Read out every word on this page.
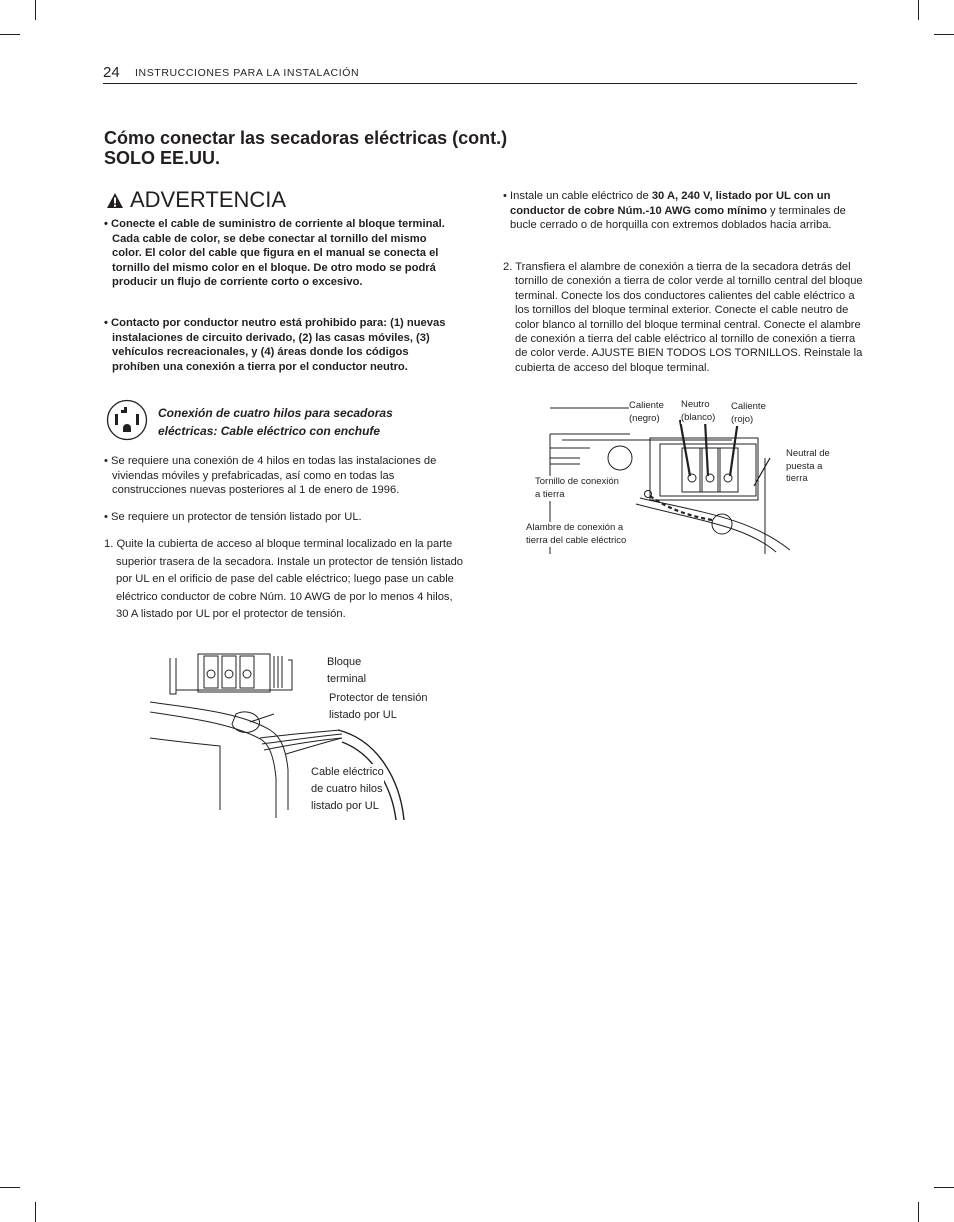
24 INSTRUCCIONES PARA LA INSTALACIÓN
Cómo conectar las secadoras eléctricas (cont.)
SOLO EE.UU.
ADVERTENCIA
• Conecte el cable de suministro de corriente al bloque terminal. Cada cable de color, se debe conectar al tornillo del mismo color. El color del cable que figura en el manual se conecta el tornillo del mismo color en el bloque. De otro modo se podrá producir un flujo de corriente corto o excesivo.
• Contacto por conductor neutro está prohibido para: (1) nuevas instalaciones de circuito derivado, (2) las casas móviles, (3) vehículos recreacionales, y (4) áreas donde los códigos prohíben una conexión a tierra por el conductor neutro.
Conexión de cuatro hilos para secadoras
eléctricas: Cable eléctrico con enchufe
• Se requiere una conexión de 4 hilos en todas las instalaciones de viviendas móviles y prefabricadas, así como en todas las construcciones nuevas posteriores al 1 de enero de 1996.
• Se requiere un protector de tensión listado por UL.
1. Quite la cubierta de acceso al bloque terminal localizado en la parte superior trasera de la secadora. Instale un protector de tensión listado por UL en el orificio de pase del cable eléctrico; luego pase un cable eléctrico conductor de cobre Núm. 10 AWG de por lo menos 4 hilos, 30 A listado por UL por el protector de tensión.
Bloque
terminal
Protector de tensión
listado por UL
Cable eléctrico
de cuatro hilos
listado por UL
• Instale un cable eléctrico de 30 A, 240 V, listado por UL con un conductor de cobre Núm.-10 AWG como mínimo y terminales de bucle cerrado o de horquilla con extremos doblados hacia arriba.
2. Transfiera el alambre de conexión a tierra de la secadora detrás del tornillo de conexión a tierra de color verde al tornillo central del bloque terminal. Conecte los dos conductores calientes del cable eléctrico a los tornillos del bloque terminal exterior. Conecte el cable neutro de color blanco al tornillo del bloque terminal central. Conecte el alambre de conexión a tierra del cable eléctrico al tornillo de conexión a tierra de color verde. AJUSTE BIEN TODOS LOS TORNILLOS. Reinstale la cubierta de acceso del bloque terminal.
Caliente
(negro)
Neutro
(blanco)
Caliente
(rojo)
Neutral de
puesta a
tierra
Tornillo de conexión
a tierra
Alambre de conexión a
tierra del cable eléctrico
